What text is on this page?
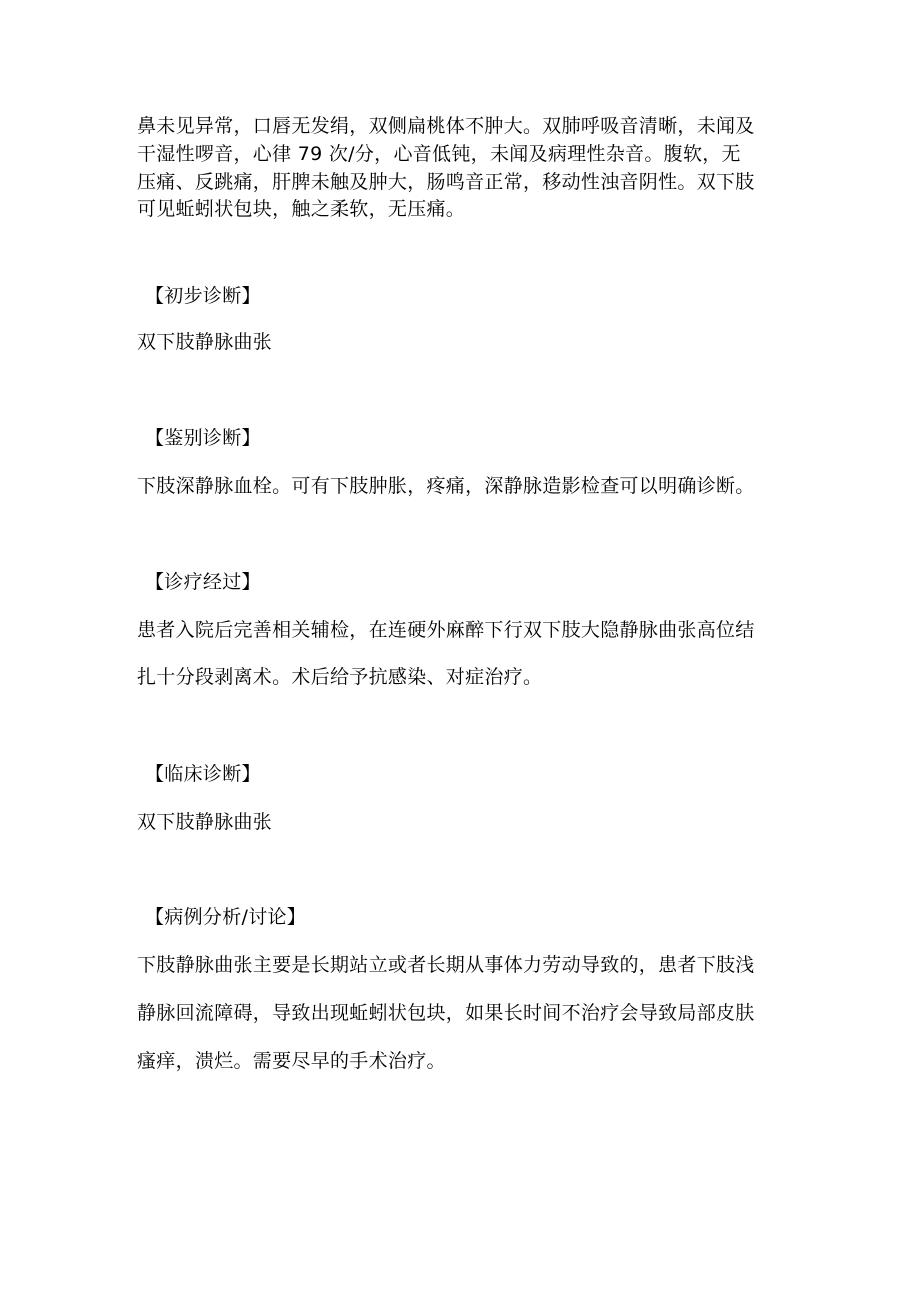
鼻未见异常，口唇无发绢，双侧扁桃体不肿大。双肺呼吸音清晰，未闻及
干湿性啰音，心律 79 次/分，心音低钝，未闻及病理性杂音。腹软，无
压痛、反跳痛，肝脾未触及肿大，肠鸣音正常，移动性浊音阴性。双下肢
可见蚯蚓状包块，触之柔软，无压痛。
【初步诊断】
双下肢静脉曲张
【鉴别诊断】
下肢深静脉血栓。可有下肢肿胀，疼痛，深静脉造影检查可以明确诊断。
【诊疗经过】
患者入院后完善相关辅检，在连硬外麻醉下行双下肢大隐静脉曲张高位结
扎十分段剥离术。术后给予抗感染、对症治疗。
【临床诊断】
双下肢静脉曲张
【病例分析/讨论】
下肢静脉曲张主要是长期站立或者长期从事体力劳动导致的，患者下肢浅
静脉回流障碍，导致出现蚯蚓状包块，如果长时间不治疗会导致局部皮肤
瘙痒，溃烂。需要尽早的手术治疗。
